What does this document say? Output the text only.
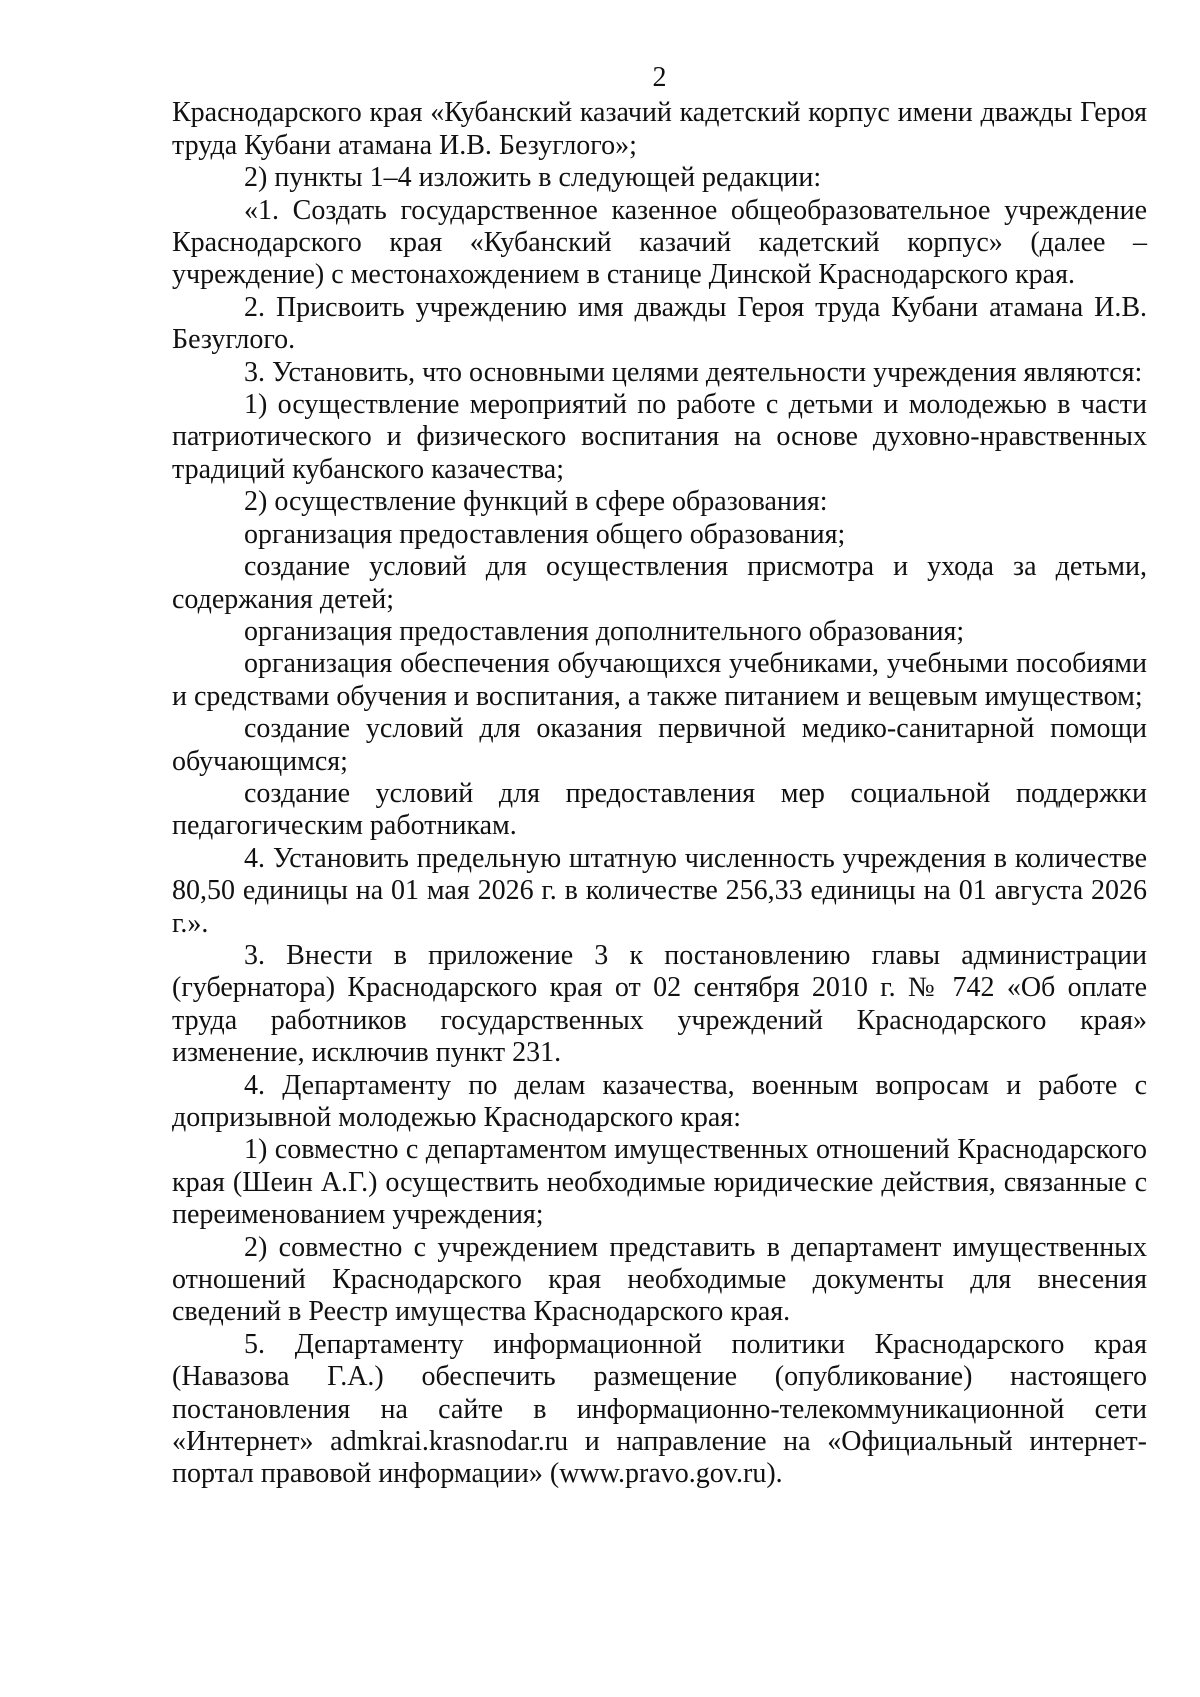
2

Краснодарского края «Кубанский казачий кадетский корпус имени дважды Героя труда Кубани атамана И.В. Безуглого»;

2) пункты 1–4 изложить в следующей редакции:

«1. Создать государственное казенное общеобразовательное учреждение Краснодарского края «Кубанский казачий кадетский корпус» (далее – учреждение) с местонахождением в станице Динской Краснодарского края.

2. Присвоить учреждению имя дважды Героя труда Кубани атамана И.В. Безуглого.

3. Установить, что основными целями деятельности учреждения являются:

1) осуществление мероприятий по работе с детьми и молодежью в части патриотического и физического воспитания на основе духовно-нравственных традиций кубанского казачества;

2) осуществление функций в сфере образования:

организация предоставления общего образования;

создание условий для осуществления присмотра и ухода за детьми, содержания детей;

организация предоставления дополнительного образования;

организация обеспечения обучающихся учебниками, учебными пособиями и средствами обучения и воспитания, а также питанием и вещевым имуществом;

создание условий для оказания первичной медико-санитарной помощи обучающимся;

создание условий для предоставления мер социальной поддержки педагогическим работникам.

4. Установить предельную штатную численность учреждения в количестве 80,50 единицы на 01 мая 2026 г. в количестве 256,33 единицы на 01 августа 2026 г.».

3. Внести в приложение 3 к постановлению главы администрации (губернатора) Краснодарского края от 02 сентября 2010 г. № 742 «Об оплате труда работников государственных учреждений Краснодарского края» изменение, исключив пункт 231.

4. Департаменту по делам казачества, военным вопросам и работе с допризывной молодежью Краснодарского края:

1) совместно с департаментом имущественных отношений Краснодарского края (Шеин А.Г.) осуществить необходимые юридические действия, связанные с переименованием учреждения;

2) совместно с учреждением представить в департамент имущественных отношений Краснодарского края необходимые документы для внесения сведений в Реестр имущества Краснодарского края.

5. Департаменту информационной политики Краснодарского края (Навазова Г.А.) обеспечить размещение (опубликование) настоящего постановления на сайте в информационно-телекоммуникационной сети «Интернет» admkrai.krasnodar.ru и направление на «Официальный интернет-портал правовой информации» (www.pravo.gov.ru).
